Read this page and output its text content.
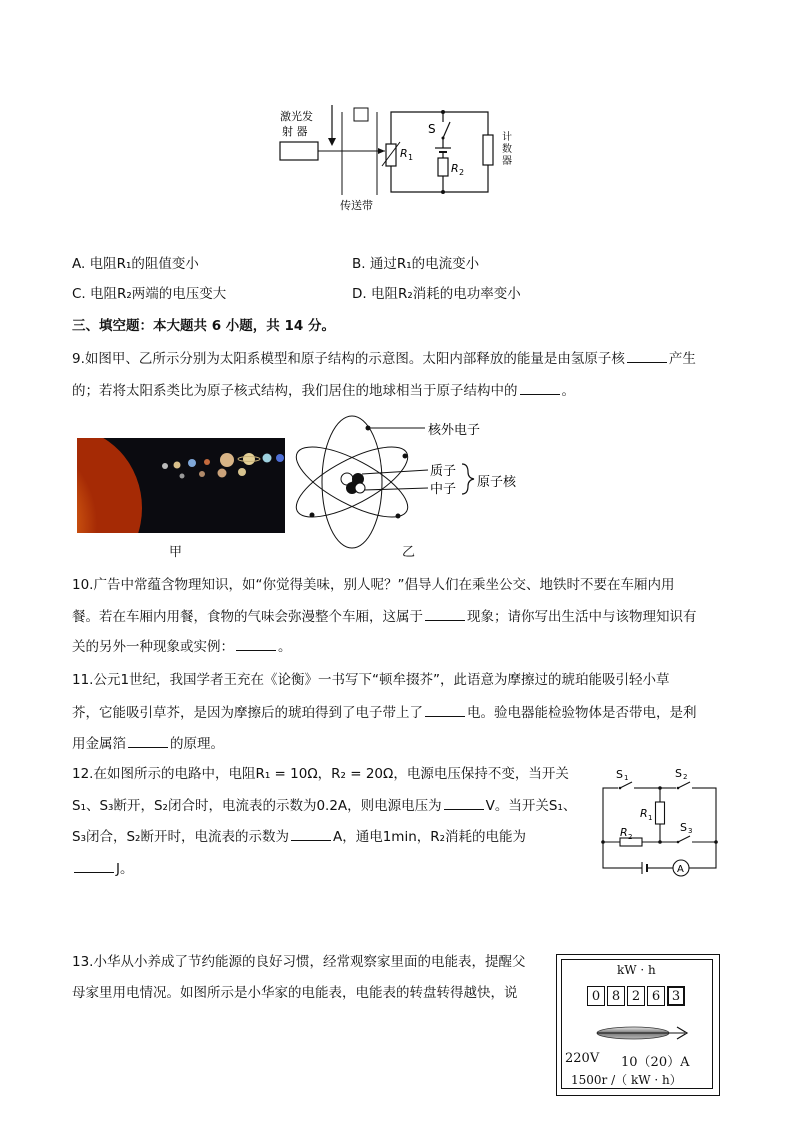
激光发
射 器
传送带
R 1
R 2
S
计
数
器
A. 电阻R₁的阻值变小	B. 通过R₁的电流变小
C. 电阻R₂两端的电压变大	D. 电阻R₂消耗的电功率变小
三、填空题：本大题共 6 小题，共 14 分。
9.如图甲、乙所示分别为太阳系模型和原子结构的示意图。太阳内部释放的能量是由氢原子核	产生
的；若将太阳系类比为原子核式结构，我们居住的地球相当于原子结构中的	。
核外电子
质子
中子 原子核
甲	乙
10.广告中常蕴含物理知识，如“你觉得美味，别人呢？”倡导人们在乘坐公交、地铁时不要在车厢内用
餐。若在车厢内用餐，食物的气味会弥漫整个车厢，这属于	现象；请你写出生活中与该物理知识有
关的另外一种现象或实例：	。
11.公元1世纪，我国学者王充在《论衡》一书写下“顿牟掇芥”，此语意为摩擦过的琥珀能吸引轻小草
芥，它能吸引草芥，是因为摩擦后的琥珀得到了电子带上了	电。验电器能检验物体是否带电，是利
用金属箔	的原理。
12.在如图所示的电路中，电阻R₁ = 10Ω，R₂ = 20Ω，电源电压保持不变，当开关
S₁、S₃断开，S₂闭合时，电流表的示数为0.2A，则电源电压为	V。当开关S₁、
S₃闭合，S₂断开时，电流表的示数为	A，通电1min，R₂消耗的电能为
J。	A
S 1	S 2
S 3
R 1
R 2
13.小华从小养成了节约能源的良好习惯，经常观察家里面的电能表，提醒父
母家里用电情况。如图所示是小华家的电能表，电能表的转盘转得越快，说
kW · h
0 8 2 6 3
220V 10（20）A
1500r /（ kW · h）
